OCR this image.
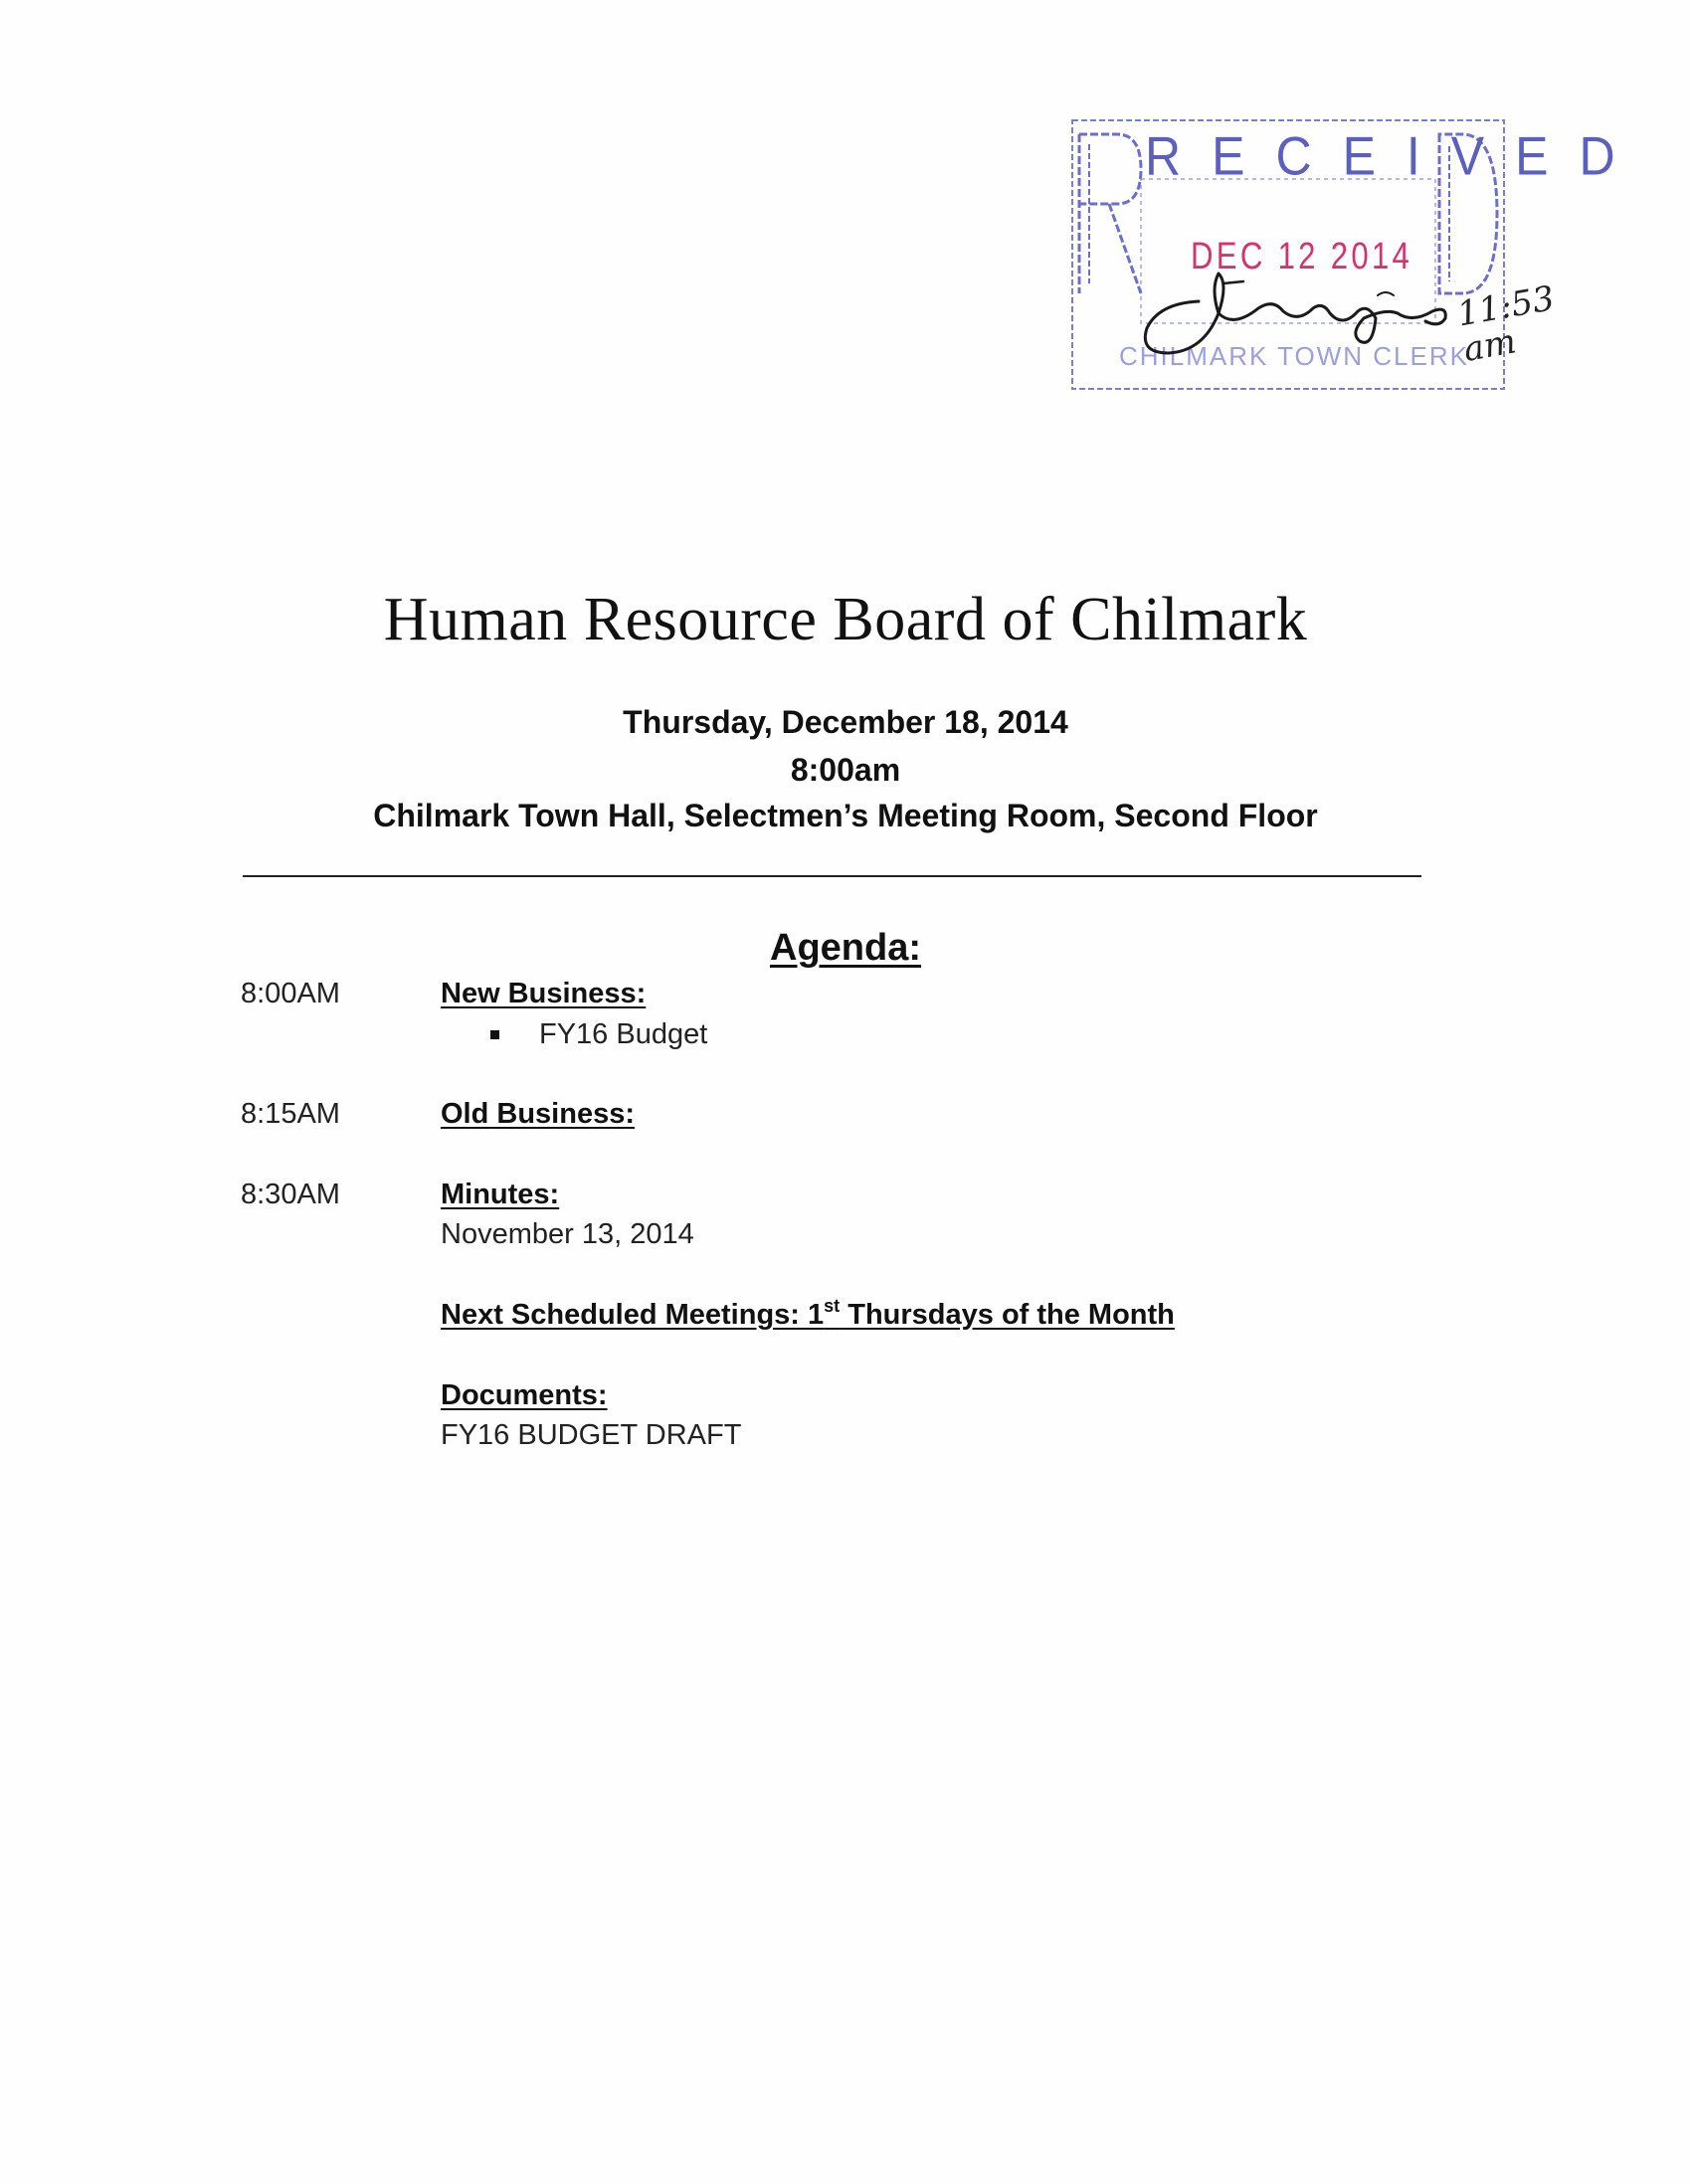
RECEIVED
DEC 12 2014
CHILMARK TOWN CLERK
11:53
am
Human Resource Board of Chilmark
Thursday, December 18, 2014
8:00am
Chilmark Town Hall, Selectmen’s Meeting Room, Second Floor
Agenda:
8:00AM	New Business:
FY16 Budget
8:15AM	Old Business:
8:30AM	Minutes:
November 13, 2014
Next Scheduled Meetings: 1st Thursdays of the Month
Documents:
FY16 BUDGET DRAFT
